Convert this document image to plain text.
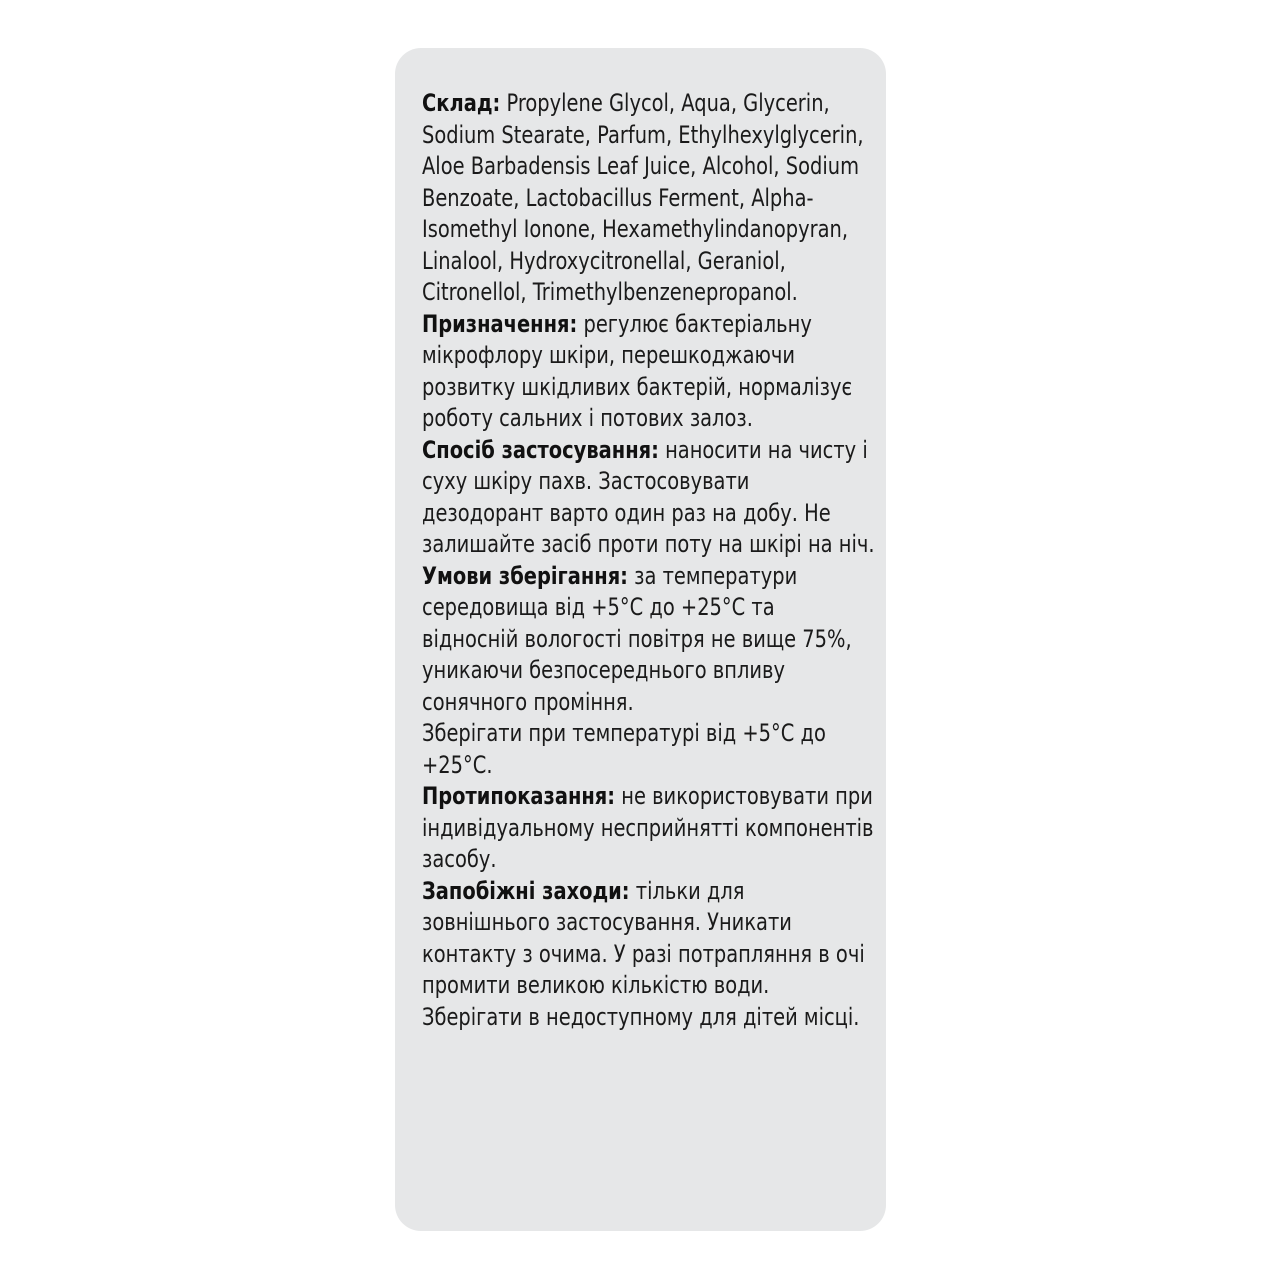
Склад: Propylene Glycol, Aqua, Glycerin, Sodium Stearate, Parfum, Ethylhexylglycerin, Aloe Barbadensis Leaf Juice, Alcohol, Sodium Benzoate, Lactobacillus Ferment, Alpha-Isomethyl Ionone, Hexamethylindanopyran, Linalool, Hydroxycitronellal, Geraniol, Citronellol, Trimethylbenzenepropanol.

Призначення: регулює бактеріальну мікрофлору шкіри, перешкоджаючи розвитку шкідливих бактерій, нормалізує роботу сальних і потових залоз.

Спосіб застосування: наносити на чисту і суху шкіру пахв. Застосовувати дезодорант варто один раз на добу. Не залишайте засіб проти поту на шкірі на ніч.

Умови зберігання: за температури середовища від +5°C до +25°C та відносній вологості повітря не вище 75%, уникаючи безпосереднього впливу сонячного проміння.
Зберігати при температурі від +5°C до +25°C.

Протипоказання: не використовувати при індивідуальному несприйнятті компонентів засобу.

Запобіжні заходи: тільки для зовнішнього застосування. Уникати контакту з очима. У разі потрапляння в очі промити великою кількістю води. Зберігати в недоступному для дітей місці.
